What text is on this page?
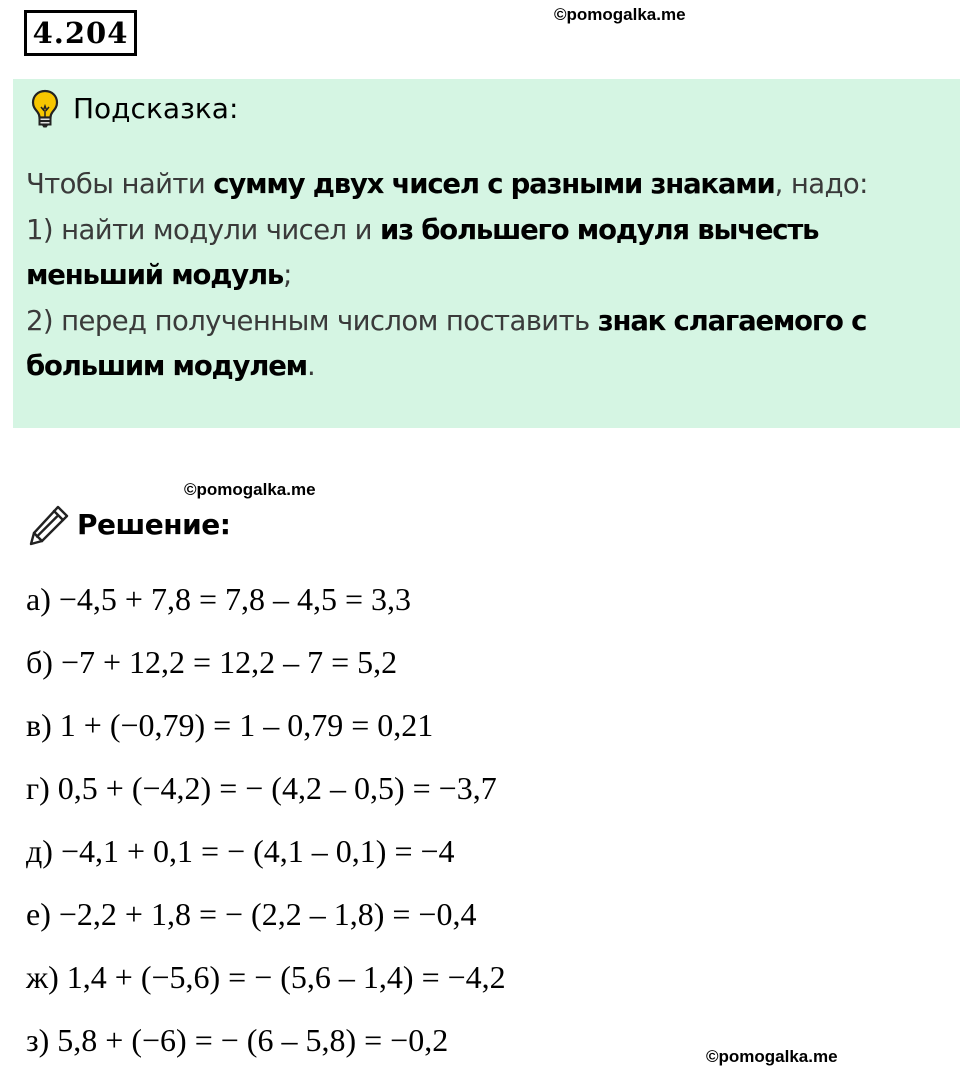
4.204
©pomogalka.me
Подсказка:
Чтобы найти сумму двух чисел с разными знаками, надо:
1) найти модули чисел и из большего модуля вычесть меньший модуль;
2) перед полученным числом поставить знак слагаемого с большим модулем.
©pomogalka.me
Решение:
а) −4,5 + 7,8 = 7,8 – 4,5 = 3,3
б) −7 + 12,2 = 12,2 – 7 = 5,2
в) 1 + (−0,79) = 1 – 0,79 = 0,21
г) 0,5 + (−4,2) = − (4,2 – 0,5) = −3,7
д) −4,1 + 0,1 = − (4,1 – 0,1) = −4
е) −2,2 + 1,8 = − (2,2 – 1,8) = −0,4
ж) 1,4 + (−5,6) = − (5,6 – 1,4) = −4,2
з) 5,8 + (−6) = − (6 – 5,8) = −0,2	©pomogalka.me
